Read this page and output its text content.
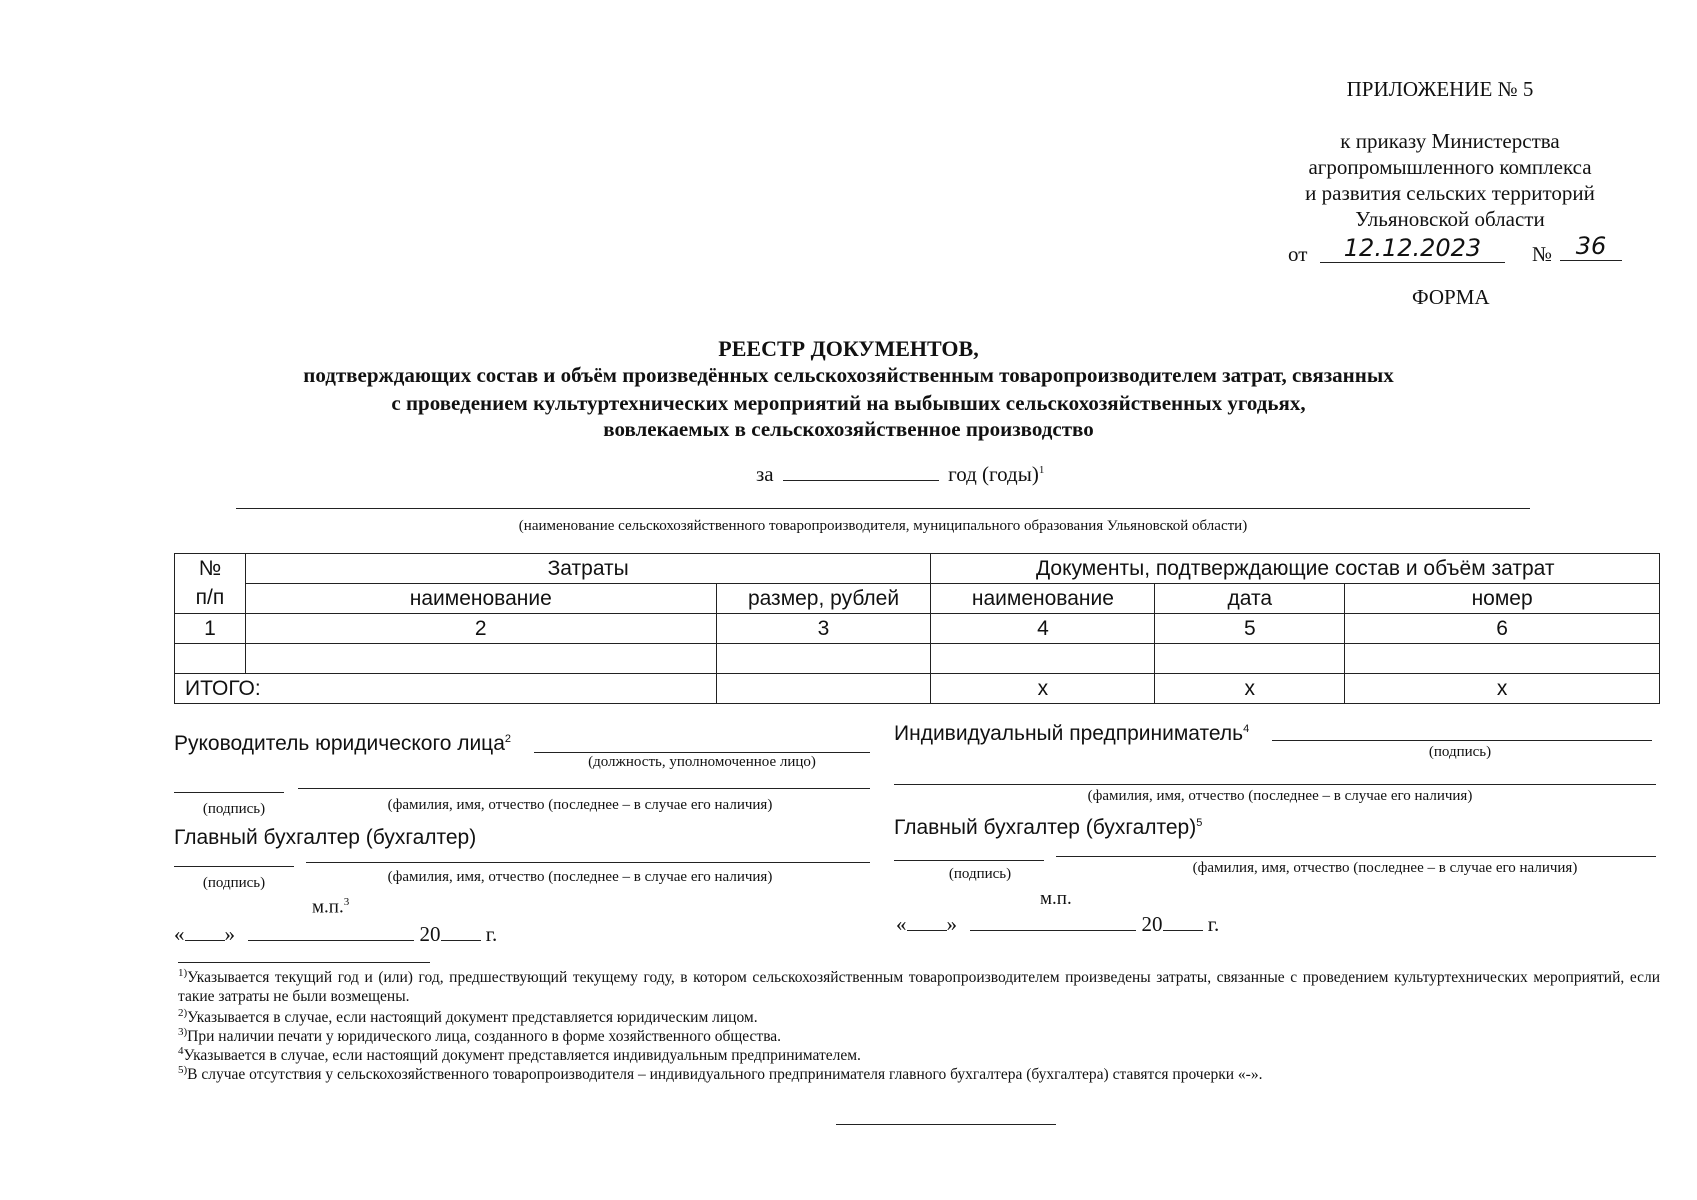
ПРИЛОЖЕНИЕ № 5
к приказу Министерства
агропромышленного комплекса
и развития сельских территорий
Ульяновской области
от	12.12.2023	№ 36
ФОРМА
РЕЕСТР ДОКУМЕНТОВ,
подтверждающих состав и объём произведённых сельскохозяйственным товаропроизводителем затрат, связанных
с проведением культуртехнических мероприятий на выбывших сельскохозяйственных угодьях,
вовлекаемых в сельскохозяйственное производство
за	год (годы)$^1$
(наименование сельскохозяйственного товаропроизводителя, муниципального образования Ульяновской области)
№	Затраты		Документы, подтверждающие состав и объём затрат		
п/п	наименование	размер, рублей	наименование	дата	номер
1	2	3	4	5	6

ИТОГО:			х	х	х
Руководитель юридического лица$^2$
(должность, уполномоченное лицо)
(подпись)	(фамилия, имя, отчество (последнее – в случае его наличия)
Главный бухгалтер (бухгалтер)
(подпись)	(фамилия, имя, отчество (последнее – в случае его наличия)
м.п.$^3$
« »	20 г.
Индивидуальный предприниматель$^4$
(подпись)
(фамилия, имя, отчество (последнее – в случае его наличия)
Главный бухгалтер (бухгалтер)$^5$
(подпись)	(фамилия, имя, отчество (последнее – в случае его наличия)
м.п.
« »	20 г.
$^{1)}$Указывается текущий год и (или) год, предшествующий текущему году, в котором сельскохозяйственным товаропроизводителем произведены затраты, связанные с проведением культуртехнических мероприятий, если такие затраты не были возмещены.
$^{2)}$Указывается в случае, если настоящий документ представляется юридическим лицом.
$^{3)}$При наличии печати у юридического лица, созданного в форме хозяйственного общества.
$^4$Указывается в случае, если настоящий документ представляется индивидуальным предпринимателем.
$^{5)}$В случае отсутствия у сельскохозяйственного товаропроизводителя – индивидуального предпринимателя главного бухгалтера (бухгалтера) ставятся прочерки «-».
